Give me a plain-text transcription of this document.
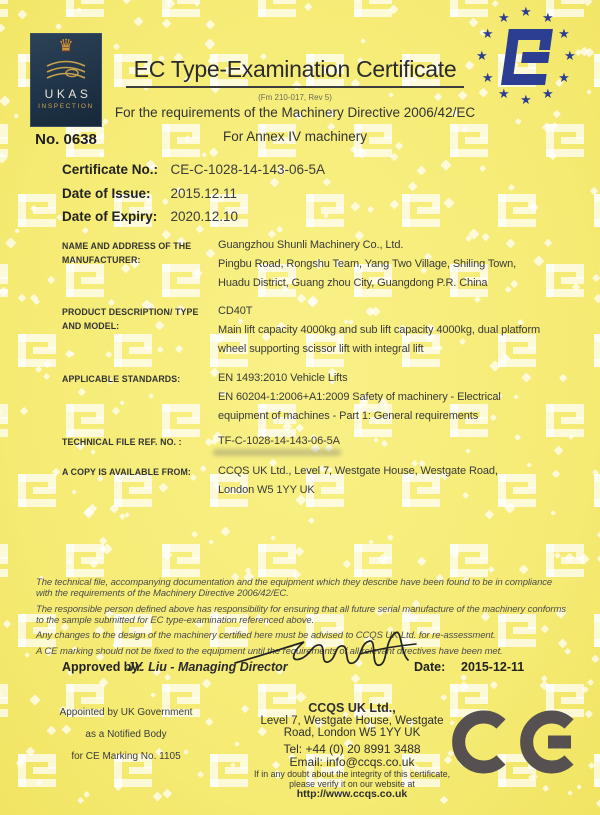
♛
UKAS
INSPECTION
No. 0638
★ ★
★
★
★
★
★
★
★
★
★
★
EC Type-Examination Certificate
(Fm 210-017, Rev 5)
For the requirements of the Machinery Directive 2006/42/EC
For Annex IV machinery
Certificate No.: CE-C-1028-14-143-06-5A
Date of Issue: 2015.12.11
Date of Expiry: 2020.12.10
NAME AND ADDRESS OF THE
MANUFACTURER:
Guangzhou Shunli Machinery Co., Ltd.
Pingbu Road, Rongshu Team, Yang Two Village, Shiling Town,
Huadu District, Guang zhou City, Guangdong P.R. China
PRODUCT DESCRIPTION/ TYPE
AND MODEL:
CD40T
Main lift capacity 4000kg and sub lift capacity 4000kg, dual platform
wheel supporting scissor lift with integral lift
APPLICABLE STANDARDS:	EN 1493:2010 Vehicle Lifts
EN 60204-1:2006+A1:2009 Safety of machinery - Electrical
equipment of machines - Part 1: General requirements
TECHNICAL FILE REF. NO. :	TF-C-1028-14-143-06-5A
A COPY IS AVAILABLE FROM:	CCQS UK Ltd., Level 7, Westgate House, Westgate Road,
London W5 1YY UK

The technical file, accompanying documentation and the equipment which they describe have been found to be in compliance with the requirements of the Machinery Directive 2006/42/EC.

The responsible person defined above has responsibility for ensuring that all future serial manufacture of the machinery conforms to the sample submitted for EC type-examination referenced above.

Any changes to the design of the machinery certified here must be advised to CCQS UK Ltd. for re-assessment.

A CE marking should not be fixed to the equipment until the requirements of all relevant directives have been met.

Approved by:
JY. Liu - Managing Director	Date: 2015-12-11
Appointed by UK Government
as a Notified Body
for CE Marking No. 1105
CCQS UK Ltd.,
Level 7, Westgate House, Westgate
Road, London W5 1YY UK
Tel: +44 (0) 20 8991 3488
Email: info@ccqs.co.uk
If in any doubt about the integrity of this certificate,
please verify it on our website at
http://www.ccqs.co.uk
